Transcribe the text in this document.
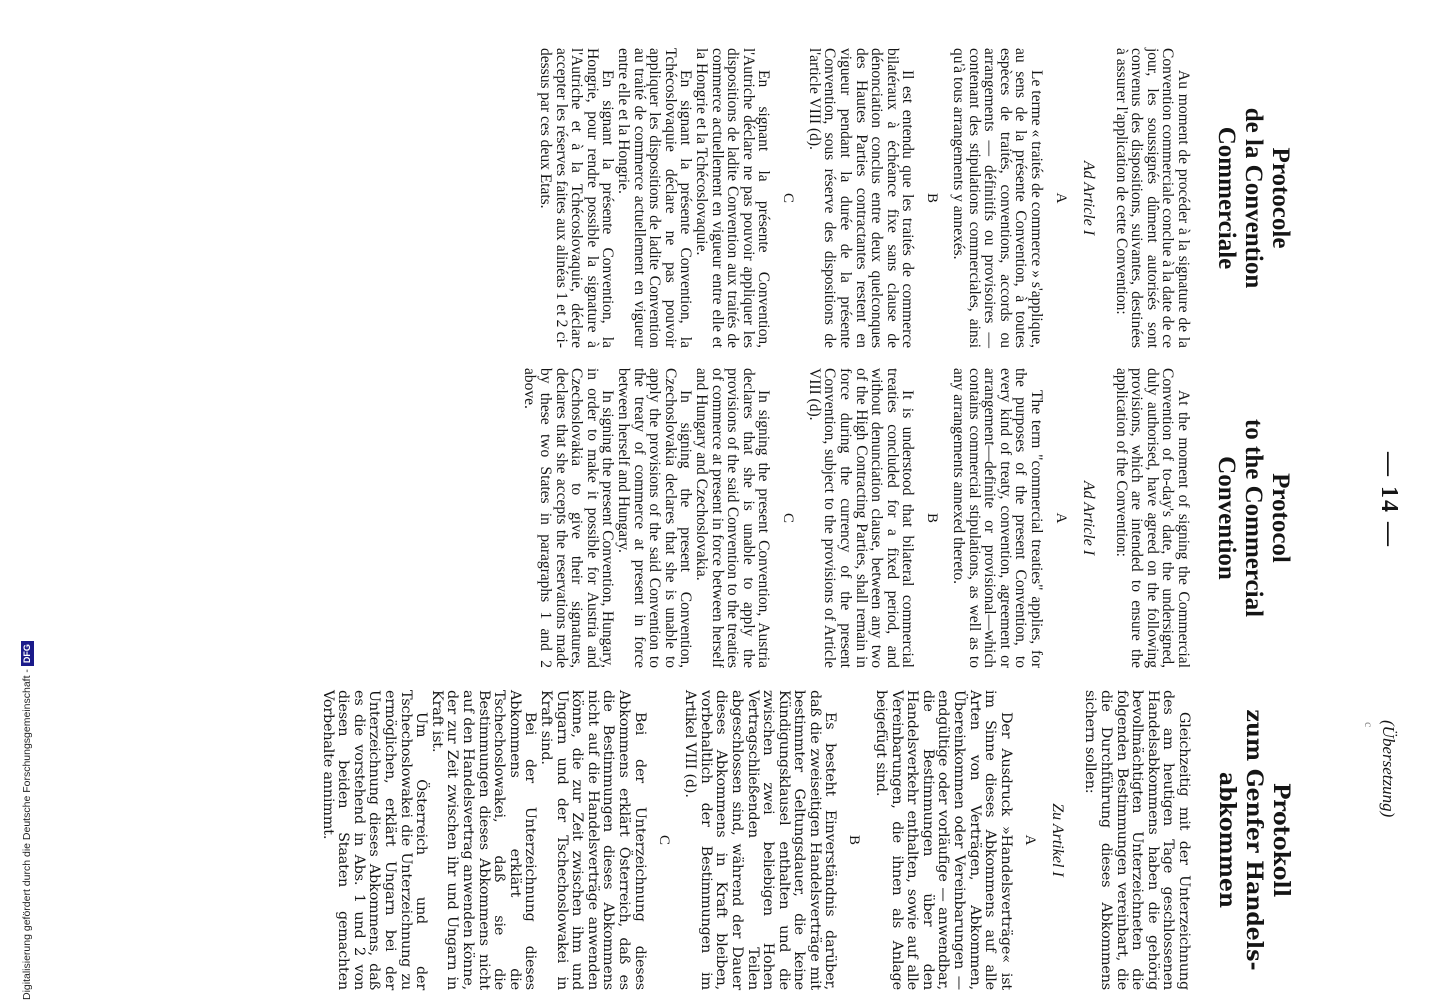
— 14 —
(Übersetzung)
c
Protocole
de la Convention
Commerciale

Au moment de procéder à la signature de la Convention commerciale conclue à la date de ce jour, les soussignés dûment autorisés sont convenus des dispositions, suivantes, destinées à assurer l'application de cette Convention:

Ad Article I
A

Le terme « traités de commerce » s'applique, au sens de la présente Convention, à toutes espèces de traités, conventions, accords ou arrangements — définitifs ou provisoires — contenant des stipulations commerciales, ainsi qu'à tous arrangements y annexés.

B

Il est entendu que les traités de commerce bilatéraux à échéance fixe sans clause de dénonciation conclus entre deux quelconques des Hautes Parties contractantes restent en vigueur pendant la durée de la présente Convention, sous réserve des dispositions de l'article VIII (d).

C

En signant la présente Convention, l'Autriche déclare ne pas pouvoir appliquer les dispositions de ladite Convention aux traités de commerce actuellement en vigueur entre elle et la Hongrie et la Tchécoslovaquie.

En signant la présente Convention, la Tchécoslovaquie déclare ne pas pouvoir appliquer les dispositions de ladite Convention au traité de commerce actuellement en vigueur entre elle et la Hongrie.

En signant la présente Convention, la Hongrie, pour rendre possible la signature à l'Autriche et à la Tchécoslovaquie, déclare accepter les réserves faites aux alinéas 1 et 2 ci-dessus par ces deux Etats.

Protocol
to the Commercial
Convention

At the moment of signing the Commercial Convention of to-day's date, the undersigned, duly authorised, have agreed on the following provisions, which are intended to ensure the application of the Convention:

Ad Article I
A

The term "commercial treaties" applies, for the purposes of the present Convention, to every kind of treaty, convention, agreement or arrangement—definite or provisional—which contains commercial stipulations, as well as to any arrangements annexed thereto.

B

It is understood that bilateral commercial treaties concluded for a fixed period, and without denunciation clause, between any two of the High Contracting Parties, shall remain in force during the currency of the present Convention, subject to the provisions of Article VIII (d).

C

In signing the present Convention, Austria declares that she is unable to apply the provisions of the said Convention to the treaties of commerce at present in force between herself and Hungary and Czechoslovakia.

In signing the present Convention, Czechoslovakia declares that she is unable to apply the provisions of the said Convention to the treaty of commerce at present in force between herself and Hungary.

In signing the present Convention, Hungary, in order to make it possible for Austria and Czechoslovakia to give their signatures, declares that she accepts the reservations made by these two States in paragraphs 1 and 2 above.

Protokoll
zum Genfer Handels-
abkommen

Gleichzeitig mit der Unterzeichnung des am heutigen Tage geschlossenen Handelsabkommens haben die gehörig bevollmächtigten Unterzeichneten die folgenden Bestimmungen vereinbart, die die Durchführung dieses Abkommens sichern sollen:

Zu Artikel I
A

Der Ausdruck »Handelsverträge« ist im Sinne dieses Abkommens auf alle Arten von Verträgen, Abkommen, Übereinkommen oder Vereinbarungen — endgültige oder vorläufige — anwendbar, die Bestimmungen über den Handelsverkehr enthalten, sowie auf alle Vereinbarungen, die ihnen als Anlage beigefügt sind.

B

Es besteht Einverständnis darüber, daß die zweiseitigen Handelsverträge mit bestimmter Geltungsdauer, die keine Kündigungsklausel enthalten und die zwischen zwei beliebigen Hohen Vertragschließenden Teilen abgeschlossen sind, während der Dauer dieses Abkommens in Kraft bleiben, vorbehaltlich der Bestimmungen im Artikel VIII (d).

C

Bei der Unterzeichnung dieses Abkommens erklärt Österreich, daß es die Bestimmungen dieses Abkommens nicht auf die Handelsverträge anwenden könne, die zur Zeit zwischen ihm und Ungarn und der Tschechoslowakei in Kraft sind.

Bei der Unterzeichnung dieses Abkommens erklärt die Tschechoslowakei, daß sie die Bestimmungen dieses Abkommens nicht auf den Handelsvertrag anwenden könne, der zur Zeit zwischen ihr und Ungarn in Kraft ist.

Um Österreich und der Tschechoslowakei die Unterzeichnung zu ermöglichen, erklärt Ungarn bei der Unterzeichnung dieses Abkommens, daß es die vorstehend in Abs. 1 und 2 von diesen beiden Staaten gemachten Vorbehalte annimmt.

Digitalisierung gefördert durch die Deutsche Forschungsgemeinschaft -DFG
